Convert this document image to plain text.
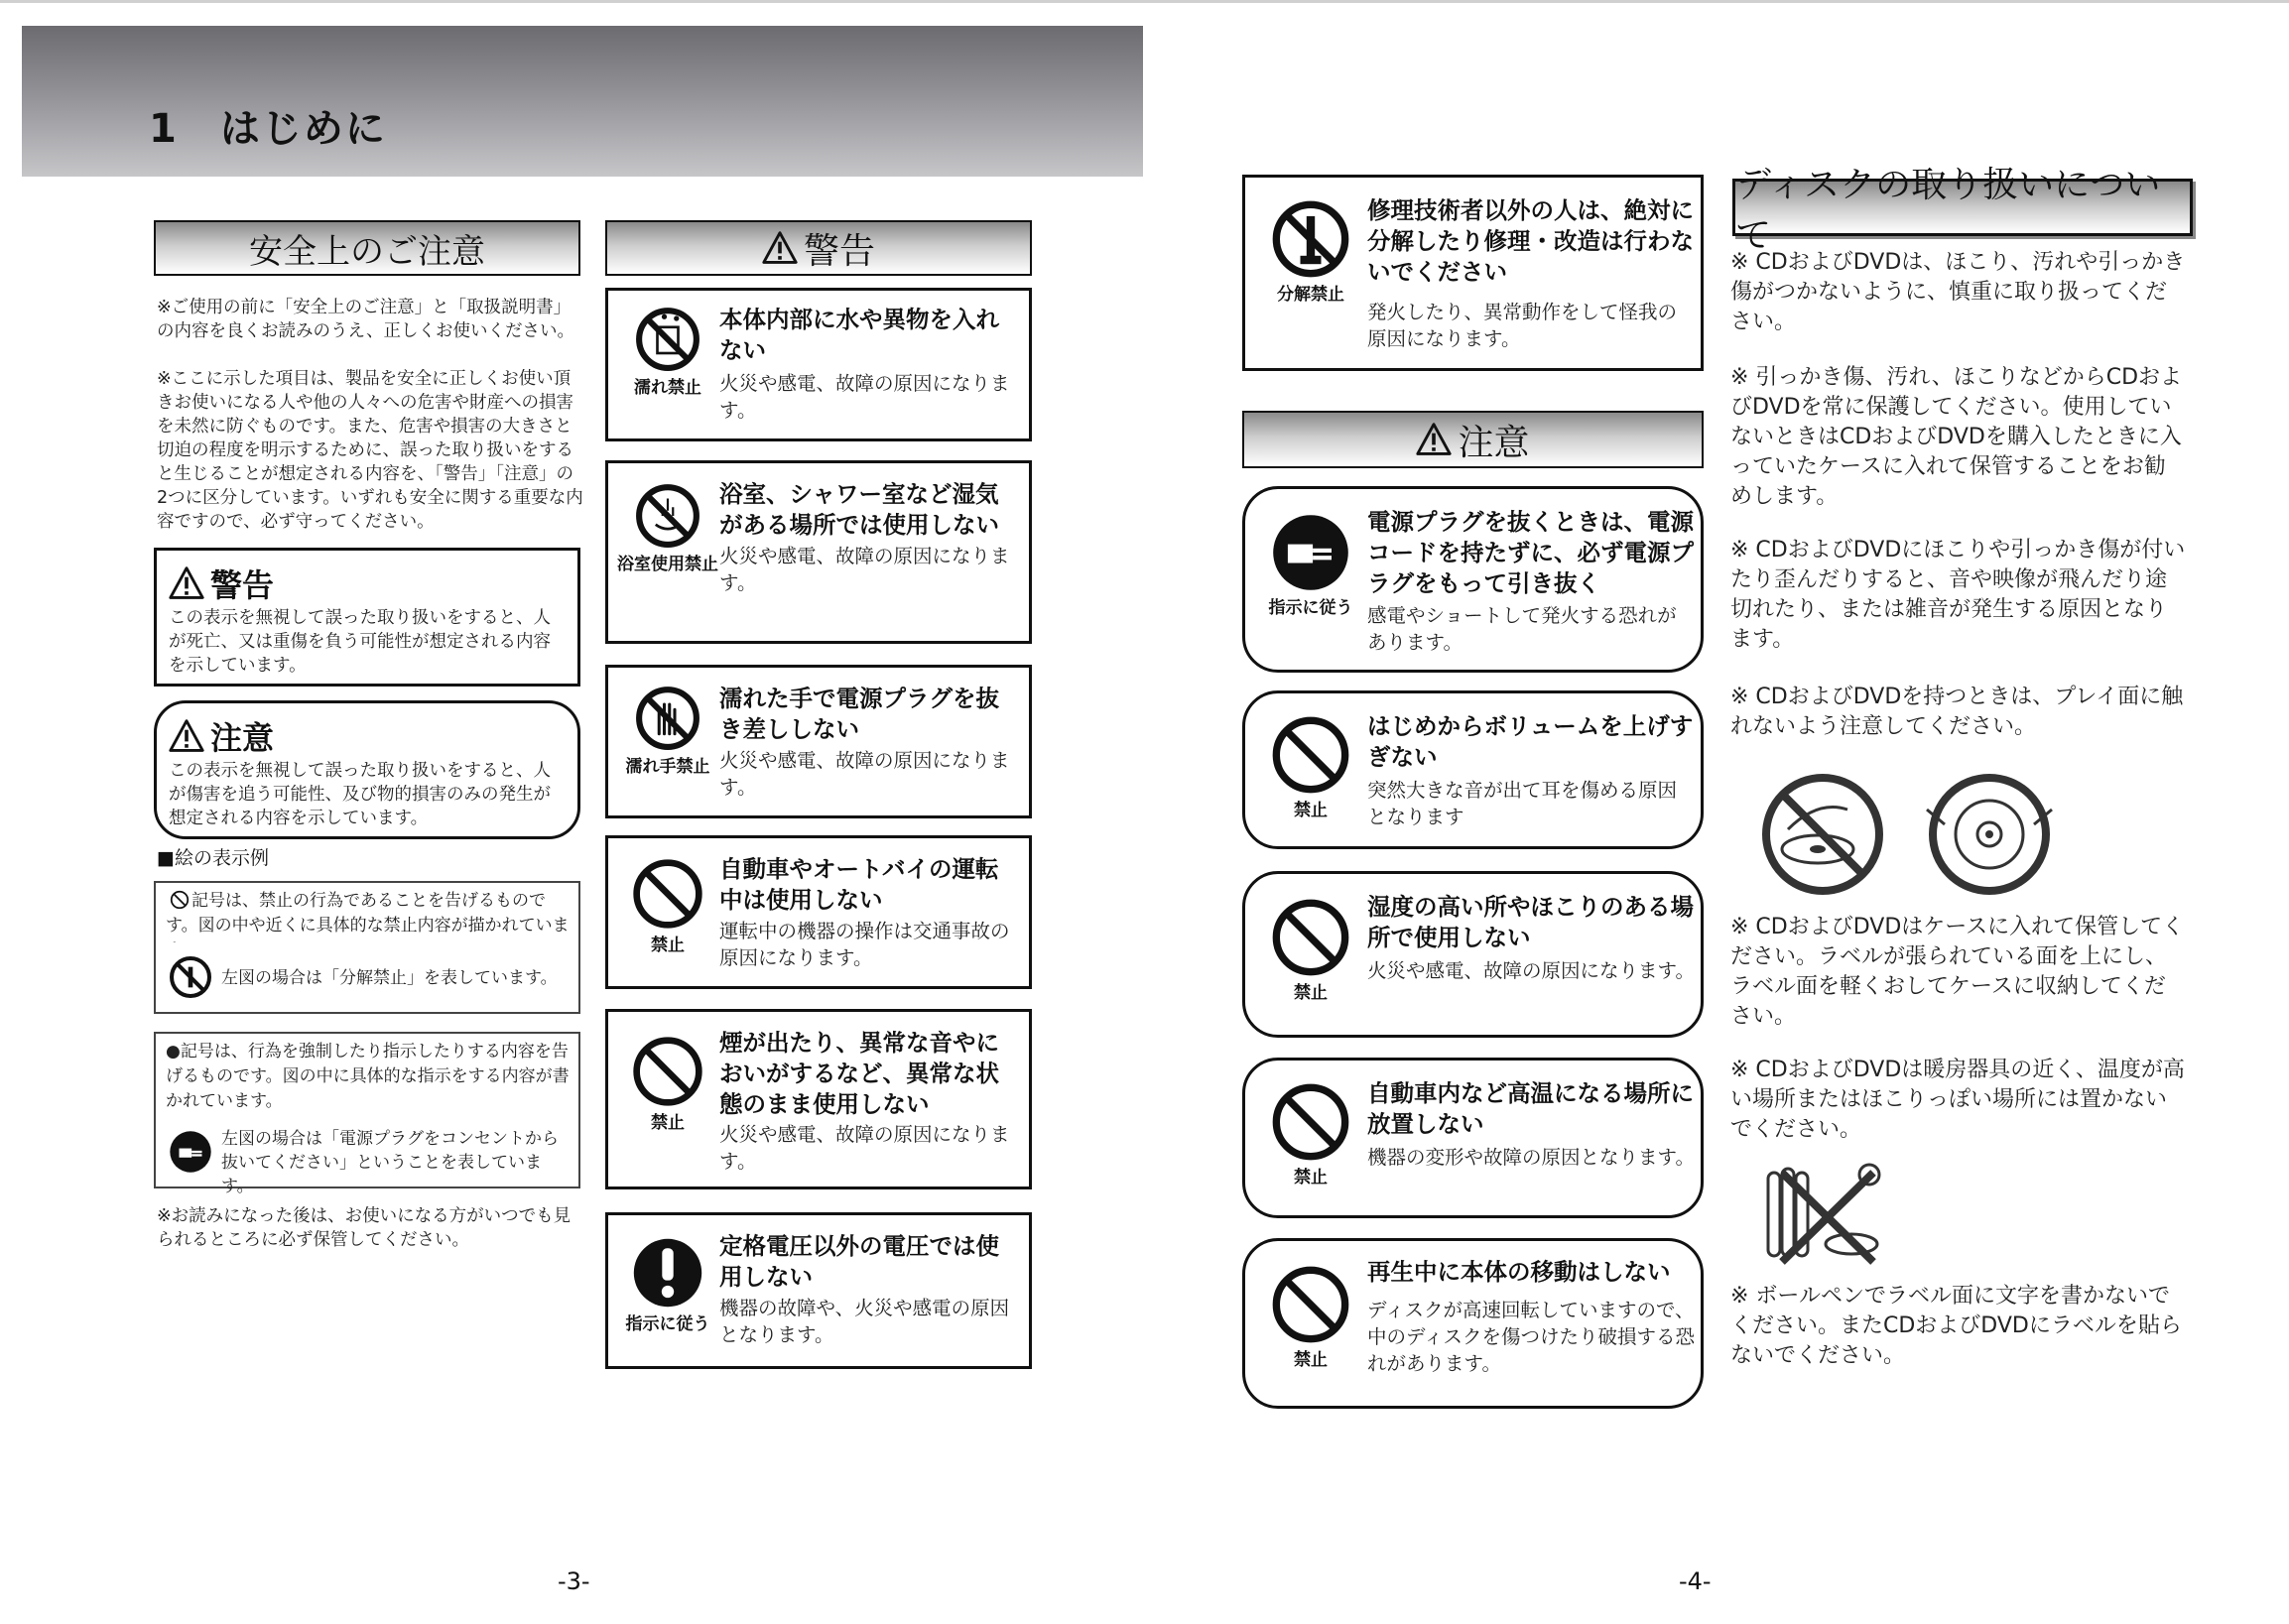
1　はじめに
安全上のご注意
※ご使用の前に「安全上のご注意」と「取扱説明書」の内容を良くお読みのうえ、正しくお使いください。
※ここに示した項目は、製品を安全に正しくお使い頂きお使いになる人や他の人々への危害や財産への損害を未然に防ぐものです。また、危害や損害の大きさと切迫の程度を明示するために、誤った取り扱いをすると生じることが想定される内容を、「警告」「注意」の2つに区分しています。いずれも安全に関する重要な内容ですので、必ず守ってください。
警告
この表示を無視して誤った取り扱いをすると、人が死亡、又は重傷を負う可能性が想定される内容を示しています。
注意
この表示を無視して誤った取り扱いをすると、人が傷害を追う可能性、及び物的損害のみの発生が想定される内容を示しています。
■絵の表示例
記号は、禁止の行為であることを告げるものです。図の中や近くに具体的な禁止内容が描かれていま
左図の場合は「分解禁止」を表しています。
●記号は、行為を強制したり指示したりする内容を告げるものです。図の中に具体的な指示をする内容が書かれています。
左図の場合は「電源プラグをコンセントから抜いてください」ということを表しています。
※お読みになった後は、お使いになる方がいつでも見られるところに必ず保管してください。
-3-
警告
濡れ禁止
本体内部に水や異物を入れない
火災や感電、故障の原因になります。
浴室使用禁止
浴室、シャワー室など湿気がある場所では使用しない
火災や感電、故障の原因になります。
濡れ手禁止
濡れた手で電源プラグを抜き差ししない
火災や感電、故障の原因になります。
禁止
自動車やオートバイの運転中は使用しない
運転中の機器の操作は交通事故の原因になります。
禁止
煙が出たり、異常な音やにおいがするなど、異常な状態のまま使用しない
火災や感電、故障の原因になります。
指示に従う
定格電圧以外の電圧では使用しない
機器の故障や、火災や感電の原因となります。
分解禁止
修理技術者以外の人は、絶対に分解したり修理・改造は行わないでください
発火したり、異常動作をして怪我の原因になります。
注意
指示に従う
電源プラグを抜くときは、電源コードを持たずに、必ず電源プラグをもって引き抜く
感電やショートして発火する恐れがあります。
禁止
はじめからボリュームを上げすぎない
突然大きな音が出て耳を傷める原因となります
禁止
湿度の高い所やほこりのある場所で使用しない
火災や感電、故障の原因になります。
禁止
自動車内など高温になる場所に放置しない
機器の変形や故障の原因となります。
禁止
再生中に本体の移動はしない
ディスクが高速回転していますので、中のディスクを傷つけたり破損する恐れがあります。
ディスクの取り扱いについて
※ CDおよびDVDは、ほこり、汚れや引っかき傷がつかないように、慎重に取り扱ってください。
※ 引っかき傷、汚れ、ほこりなどからCDおよびDVDを常に保護してください。使用していないときはCDおよびDVDを購入したときに入っていたケースに入れて保管することをお勧めします。
※ CDおよびDVDにほこりや引っかき傷が付いたり歪んだりすると、音や映像が飛んだり途切れたり、または雑音が発生する原因となります。
※ CDおよびDVDを持つときは、プレイ面に触れないよう注意してください。
※ CDおよびDVDはケースに入れて保管してください。ラベルが張られている面を上にし、ラベル面を軽くおしてケースに収納してください。
※ CDおよびDVDは暖房器具の近く、温度が高い場所またはほこりっぽい場所には置かないでください。
※ ボールペンでラベル面に文字を書かないでください。またCDおよびDVDにラベルを貼らないでください。
-4-
